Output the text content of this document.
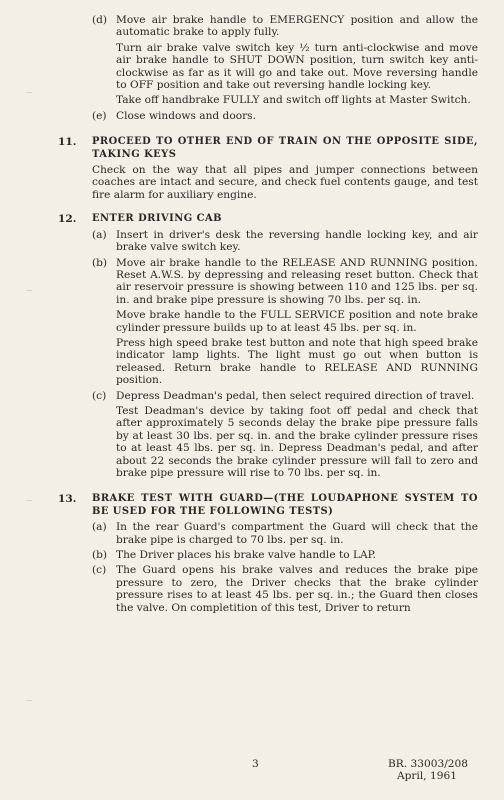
(d) Move air brake handle to EMERGENCY position and allow the automatic brake to apply fully.
Turn air brake valve switch key ½ turn anti-clockwise and move air brake handle to SHUT DOWN position, turn switch key anti-clockwise as far as it will go and take out. Move reversing handle to OFF position and take out reversing handle locking key.
Take off handbrake FULLY and switch off lights at Master Switch.
(e) Close windows and doors.
11.	PROCEED TO OTHER END OF TRAIN ON THE OPPOSITE SIDE, TAKING KEYS
Check on the way that all pipes and jumper connections between coaches are intact and secure, and check fuel contents gauge, and test fire alarm for auxiliary engine.
12.	ENTER DRIVING CAB
(a) Insert in driver's desk the reversing handle locking key, and air brake valve switch key.
(b) Move air brake handle to the RELEASE AND RUNNING position. Reset A.W.S. by depressing and releasing reset button. Check that air reservoir pressure is showing between 110 and 125 lbs. per sq. in. and brake pipe pressure is showing 70 lbs. per sq. in.
Move brake handle to the FULL SERVICE position and note brake cylinder pressure builds up to at least 45 lbs. per sq. in.
Press high speed brake test button and note that high speed brake indicator lamp lights. The light must go out when button is released. Return brake handle to RELEASE AND RUNNING position.
(c) Depress Deadman's pedal, then select required direction of travel.
Test Deadman's device by taking foot off pedal and check that after approximately 5 seconds delay the brake pipe pressure falls by at least 30 lbs. per sq. in. and the brake cylinder pressure rises to at least 45 lbs. per sq. in. Depress Deadman's pedal, and after about 22 seconds the brake cylinder pressure will fall to zero and brake pipe pressure will rise to 70 lbs. per sq. in.
13.	BRAKE TEST WITH GUARD—(THE LOUDAPHONE SYSTEM TO BE USED FOR THE FOLLOWING TESTS)
(a) In the rear Guard's compartment the Guard will check that the brake pipe is charged to 70 lbs. per sq. in.
(b) The Driver places his brake valve handle to LAP.
(c) The Guard opens his brake valves and reduces the brake pipe pressure to zero, the Driver checks that the brake cylinder pressure rises to at least 45 lbs. per sq. in.; the Guard then closes the valve. On completition of this test, Driver to return
3	BR. 33003/208
April, 1961
